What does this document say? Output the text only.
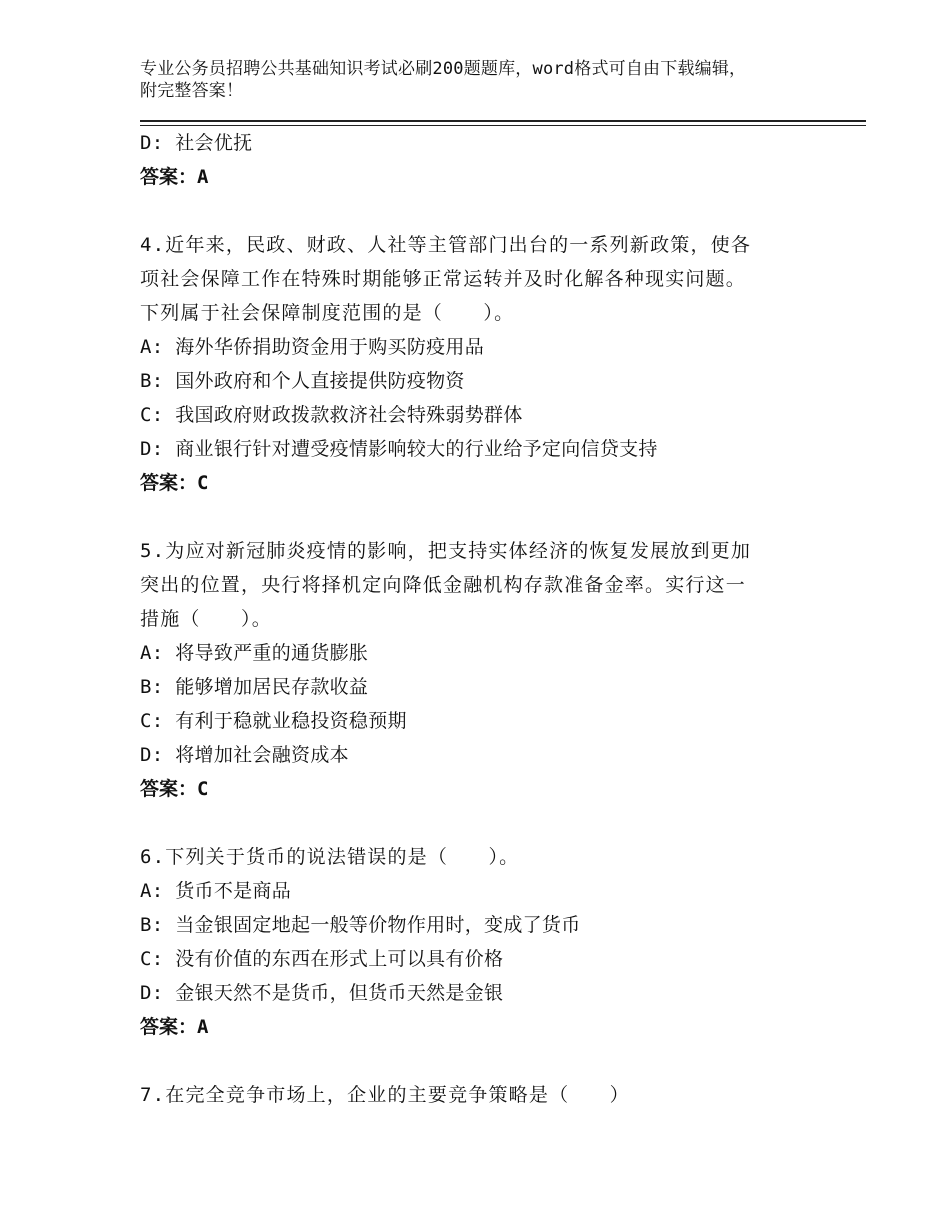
专业公务员招聘公共基础知识考试必刷200题题库，word格式可自由下载编辑，
附完整答案！
D: 社会优抚
答案：A
4.近年来，民政、财政、人社等主管部门出台的一系列新政策，使各
项社会保障工作在特殊时期能够正常运转并及时化解各种现实问题。
下列属于社会保障制度范围的是（　　）。
A: 海外华侨捐助资金用于购买防疫用品
B: 国外政府和个人直接提供防疫物资
C: 我国政府财政拨款救济社会特殊弱势群体
D: 商业银行针对遭受疫情影响较大的行业给予定向信贷支持
答案：C
5.为应对新冠肺炎疫情的影响，把支持实体经济的恢复发展放到更加
突出的位置，央行将择机定向降低金融机构存款准备金率。实行这一
措施（　　）。
A: 将导致严重的通货膨胀
B: 能够增加居民存款收益
C: 有利于稳就业稳投资稳预期
D: 将增加社会融资成本
答案：C
6.下列关于货币的说法错误的是（　　）。
A: 货币不是商品
B: 当金银固定地起一般等价物作用时，变成了货币
C: 没有价值的东西在形式上可以具有价格
D: 金银天然不是货币，但货币天然是金银
答案：A
7.在完全竞争市场上，企业的主要竞争策略是（　　）
